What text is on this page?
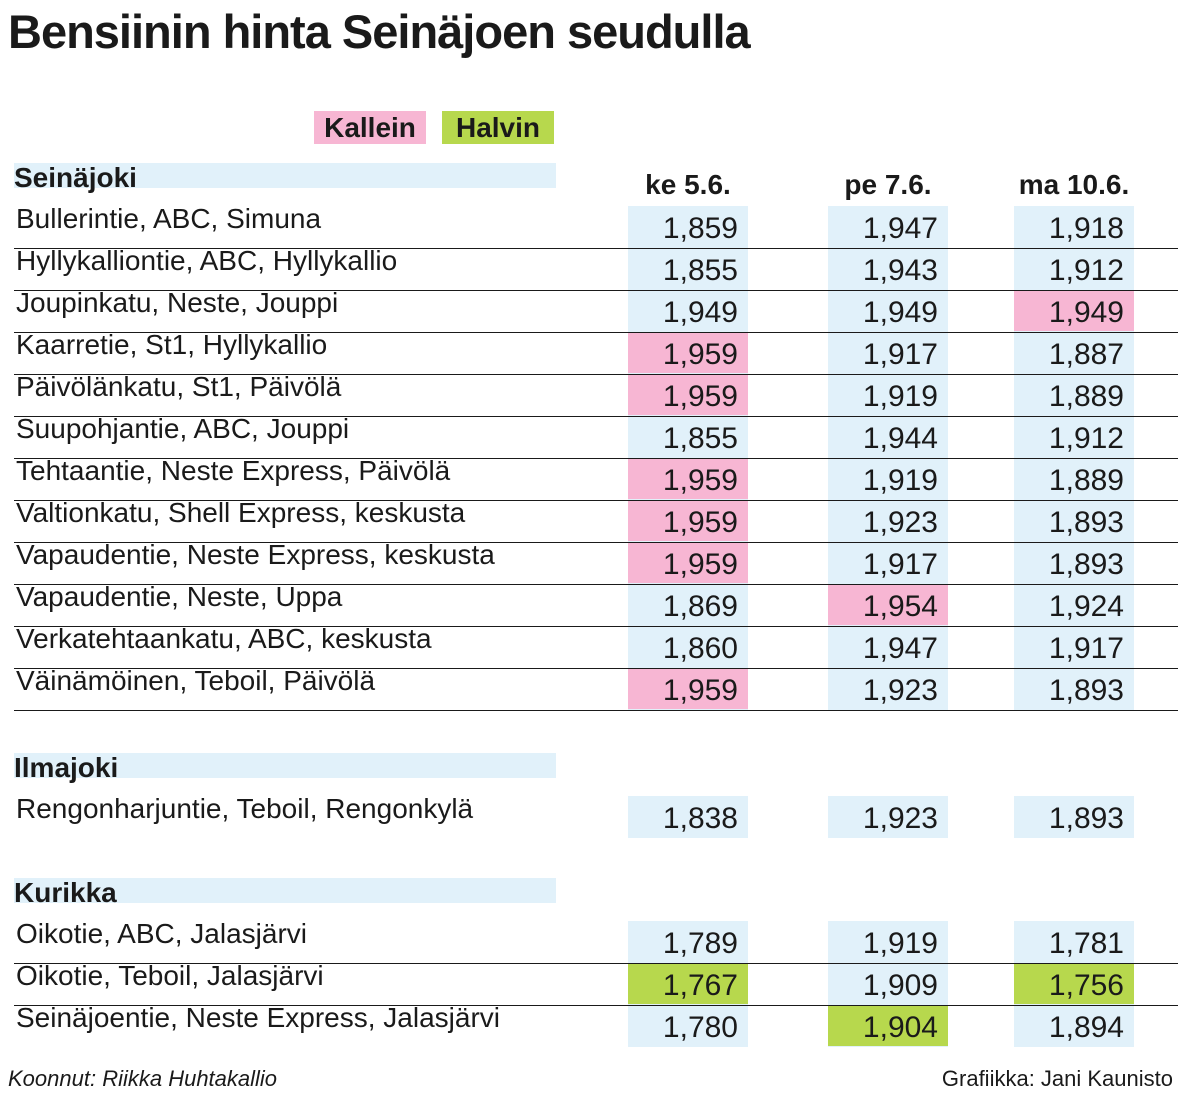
Bensiinin hinta Seinäjoen seudulla
Kallein	Halvin
ke 5.6.	pe 7.6.	ma 10.6.
Seinäjoki
Bullerintie, ABC, Simuna	1,859	1,947	1,918
Hyllykalliontie, ABC, Hyllykallio	1,855	1,943	1,912
Joupinkatu, Neste, Jouppi	1,949	1,949	1,949
Kaarretie, St1, Hyllykallio	1,959	1,917	1,887
Päivölänkatu, St1, Päivölä	1,959	1,919	1,889
Suupohjantie, ABC, Jouppi	1,855	1,944	1,912
Tehtaantie, Neste Express, Päivölä	1,959	1,919	1,889
Valtionkatu, Shell Express, keskusta	1,959	1,923	1,893
Vapaudentie, Neste Express, keskusta	1,959	1,917	1,893
Vapaudentie, Neste, Uppa	1,869	1,954	1,924
Verkatehtaankatu, ABC, keskusta	1,860	1,947	1,917
Väinämöinen, Teboil, Päivölä	1,959	1,923	1,893
Ilmajoki
Rengonharjuntie, Teboil, Rengonkylä	1,838	1,923	1,893
Kurikka
Oikotie, ABC, Jalasjärvi	1,789	1,919	1,781
Oikotie, Teboil, Jalasjärvi	1,767	1,909	1,756
Seinäjoentie, Neste Express, Jalasjärvi	1,780	1,904	1,894
Koonnut: Riikka Huhtakallio	Grafiikka: Jani Kaunisto
